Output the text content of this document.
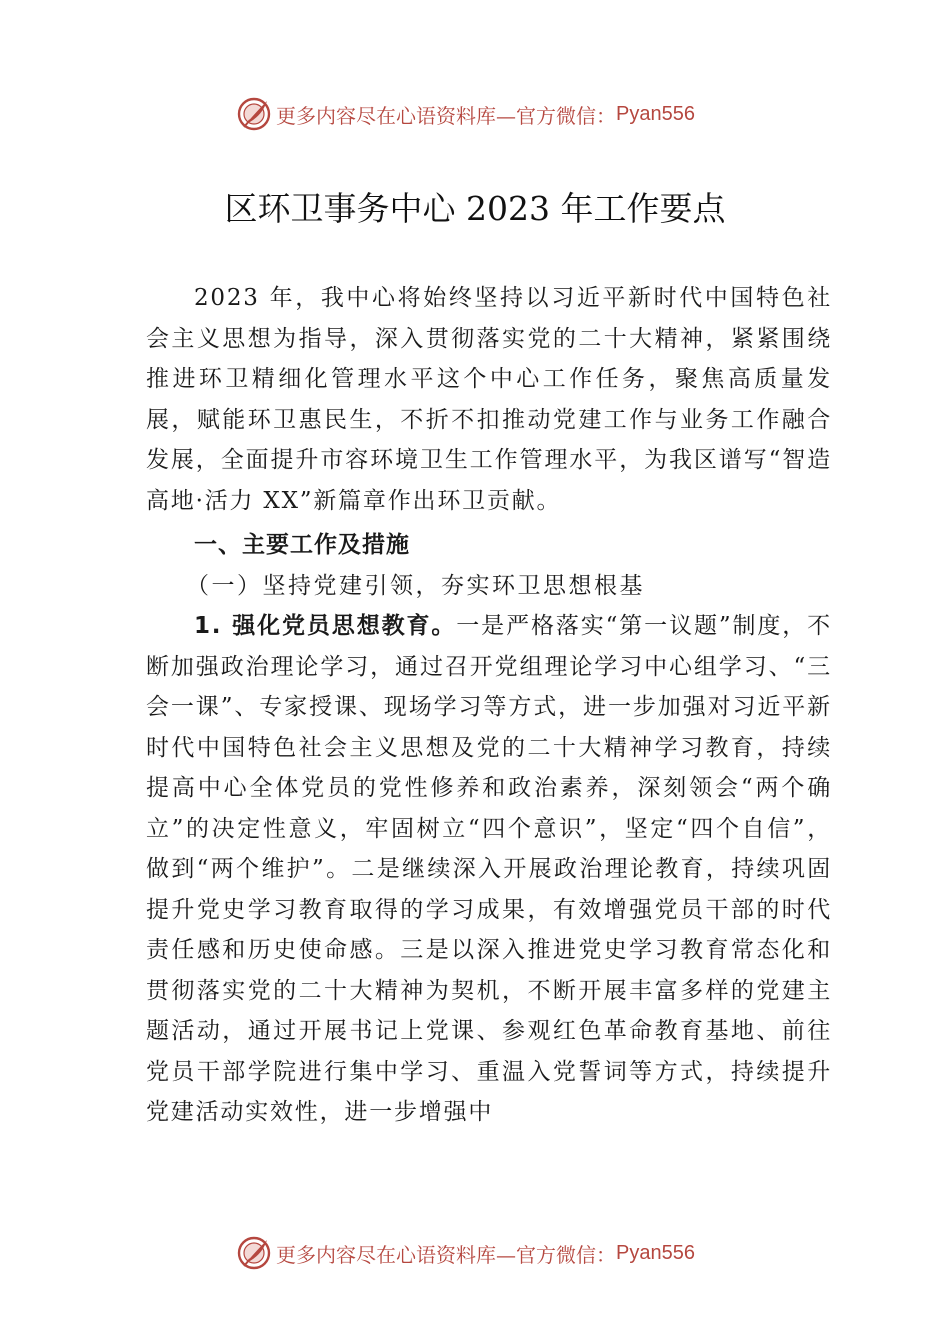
更多内容尽在心语资料库—官方微信： Pyan556
区环卫事务中心 2023 年工作要点

2023 年，我中心将始终坚持以习近平新时代中国特色社会主义思想为指导，深入贯彻落实党的二十大精神，紧紧围绕推进环卫精细化管理水平这个中心工作任务，聚焦高质量发展，赋能环卫惠民生，不折不扣推动党建工作与业务工作融合发展，全面提升市容环境卫生工作管理水平，为我区谱写“智造高地·活力 XX”新篇章作出环卫贡献。

一、主要工作及措施

（一）坚持党建引领，夯实环卫思想根基

1. 强化党员思想教育。一是严格落实“第一议题”制度，不断加强政治理论学习，通过召开党组理论学习中心组学习、“三会一课”、专家授课、现场学习等方式，进一步加强对习近平新时代中国特色社会主义思想及党的二十大精神学习教育，持续提高中心全体党员的党性修养和政治素养，深刻领会“两个确立”的决定性意义，牢固树立“四个意识”，坚定“四个自信”，做到“两个维护”。二是继续深入开展政治理论教育，持续巩固提升党史学习教育取得的学习成果，有效增强党员干部的时代责任感和历史使命感。三是以深入推进党史学习教育常态化和贯彻落实党的二十大精神为契机，不断开展丰富多样的党建主题活动，通过开展书记上党课、参观红色革命教育基地、前往党员干部学院进行集中学习、重温入党誓词等方式，持续提升党建活动实效性，进一步增强中

更多内容尽在心语资料库—官方微信： Pyan556
